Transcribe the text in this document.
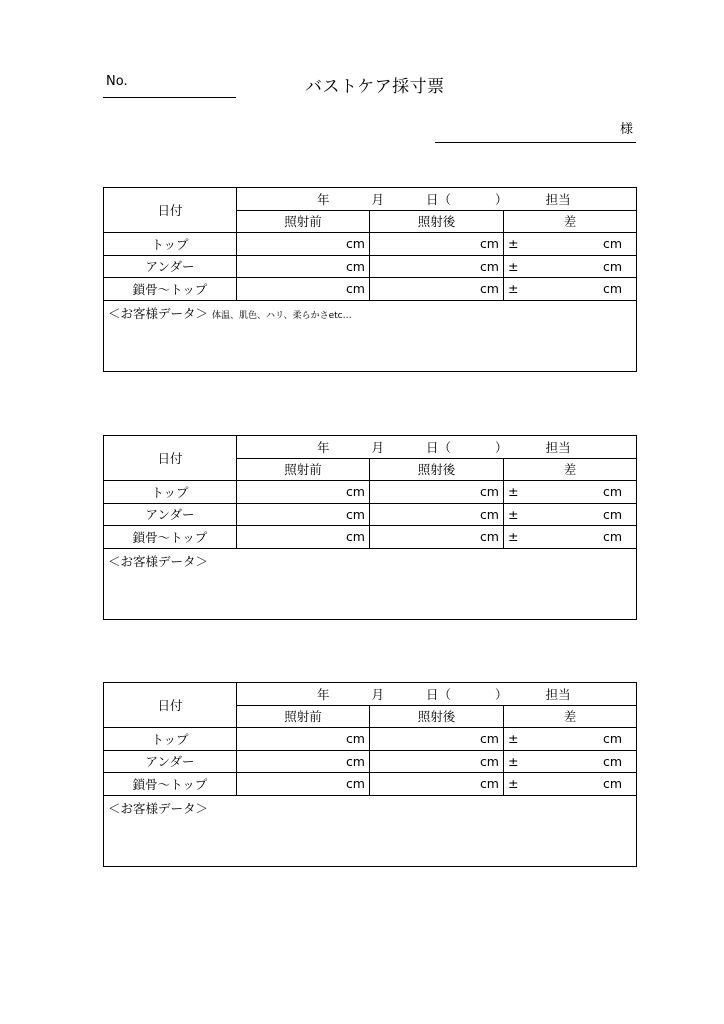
No.	バストケア採寸票
様
日付	年 月 日（ ） 担当		
	照射前	照射後	差
トップ	cm	cm	± cm

アンダー	cm	cm	± cm

鎖骨〜トップ	cm	cm	± cm

＜お客様データ＞ 体温、肌色、ハリ、柔らかさetc…			
日付	年 月 日（ ） 担当		
	照射前	照射後	差
トップ	cm	cm	± cm

アンダー	cm	cm	± cm

鎖骨〜トップ	cm	cm	± cm

＜お客様データ＞			
日付	年 月 日（ ） 担当		
	照射前	照射後	差
トップ	cm	cm	± cm

アンダー	cm	cm	± cm

鎖骨〜トップ	cm	cm	± cm

＜お客様データ＞			
